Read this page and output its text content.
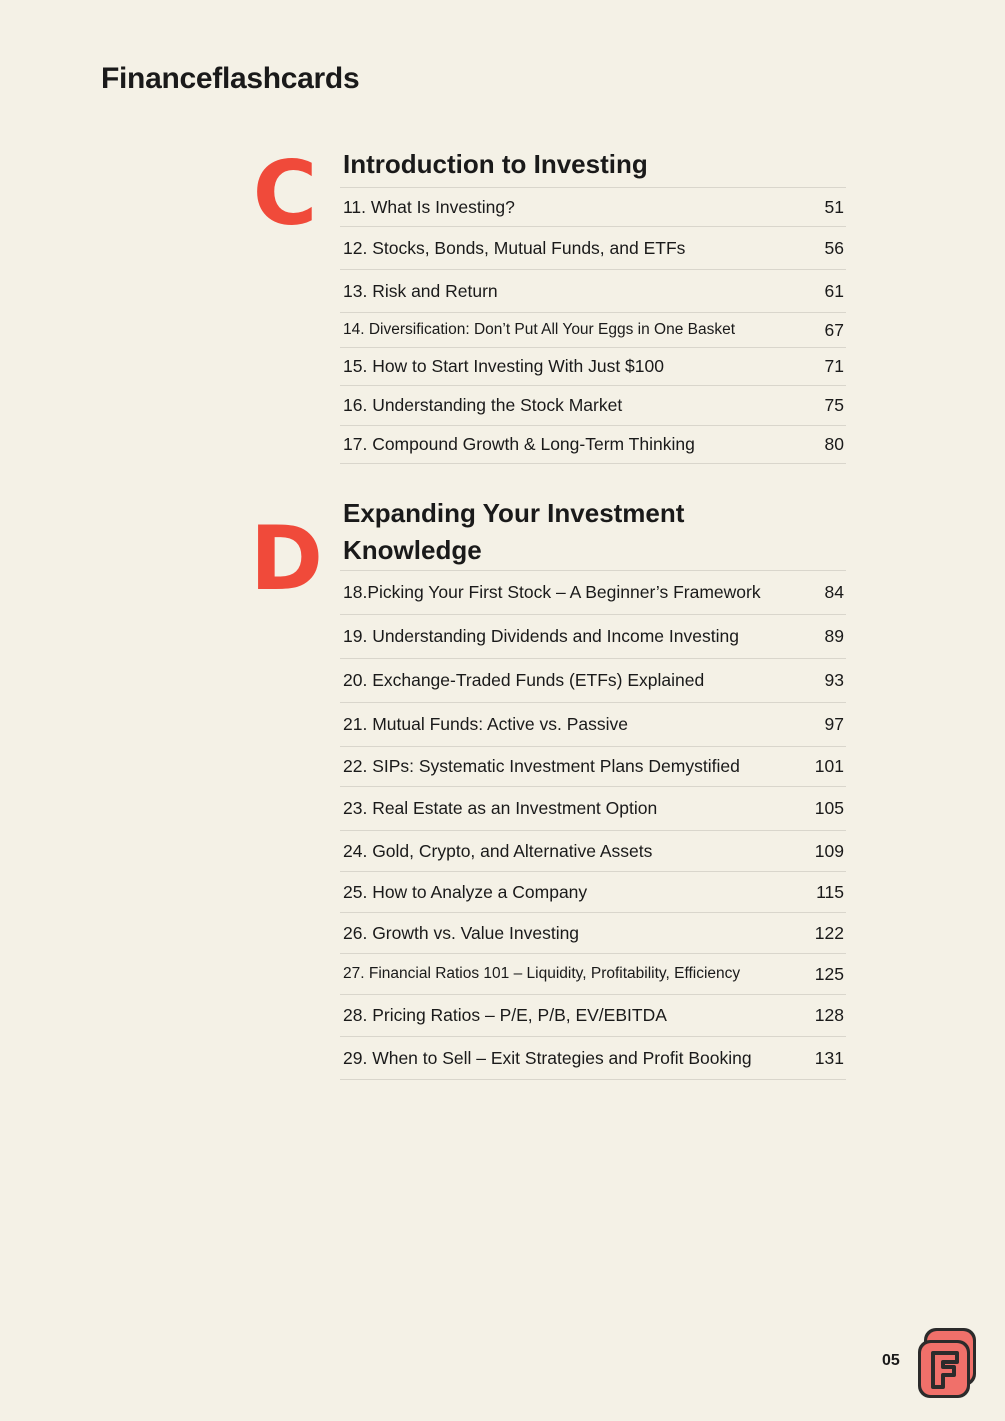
Financeflashcards
C Introduction to Investing
11. What Is Investing?	51
12. Stocks, Bonds, Mutual Funds, and ETFs	56
13. Risk and Return	61
14. Diversification: Don’t Put All Your Eggs in One Basket	67
15. How to Start Investing With Just $100	71
16. Understanding the Stock Market	75
17. Compound Growth & Long-Term Thinking	80
D Expanding Your Investment Knowledge
18.Picking Your First Stock – A Beginner’s Framework	84
19. Understanding Dividends and Income Investing	89
20. Exchange-Traded Funds (ETFs) Explained	93
21. Mutual Funds: Active vs. Passive	97
22. SIPs: Systematic Investment Plans Demystified	101
23. Real Estate as an Investment Option	105
24. Gold, Crypto, and Alternative Assets	109
25. How to Analyze a Company	115
26. Growth vs. Value Investing	122
27. Financial Ratios 101 – Liquidity, Profitability, Efficiency	125
28. Pricing Ratios – P/E, P/B, EV/EBITDA	128
29. When to Sell – Exit Strategies and Profit Booking	131
05
